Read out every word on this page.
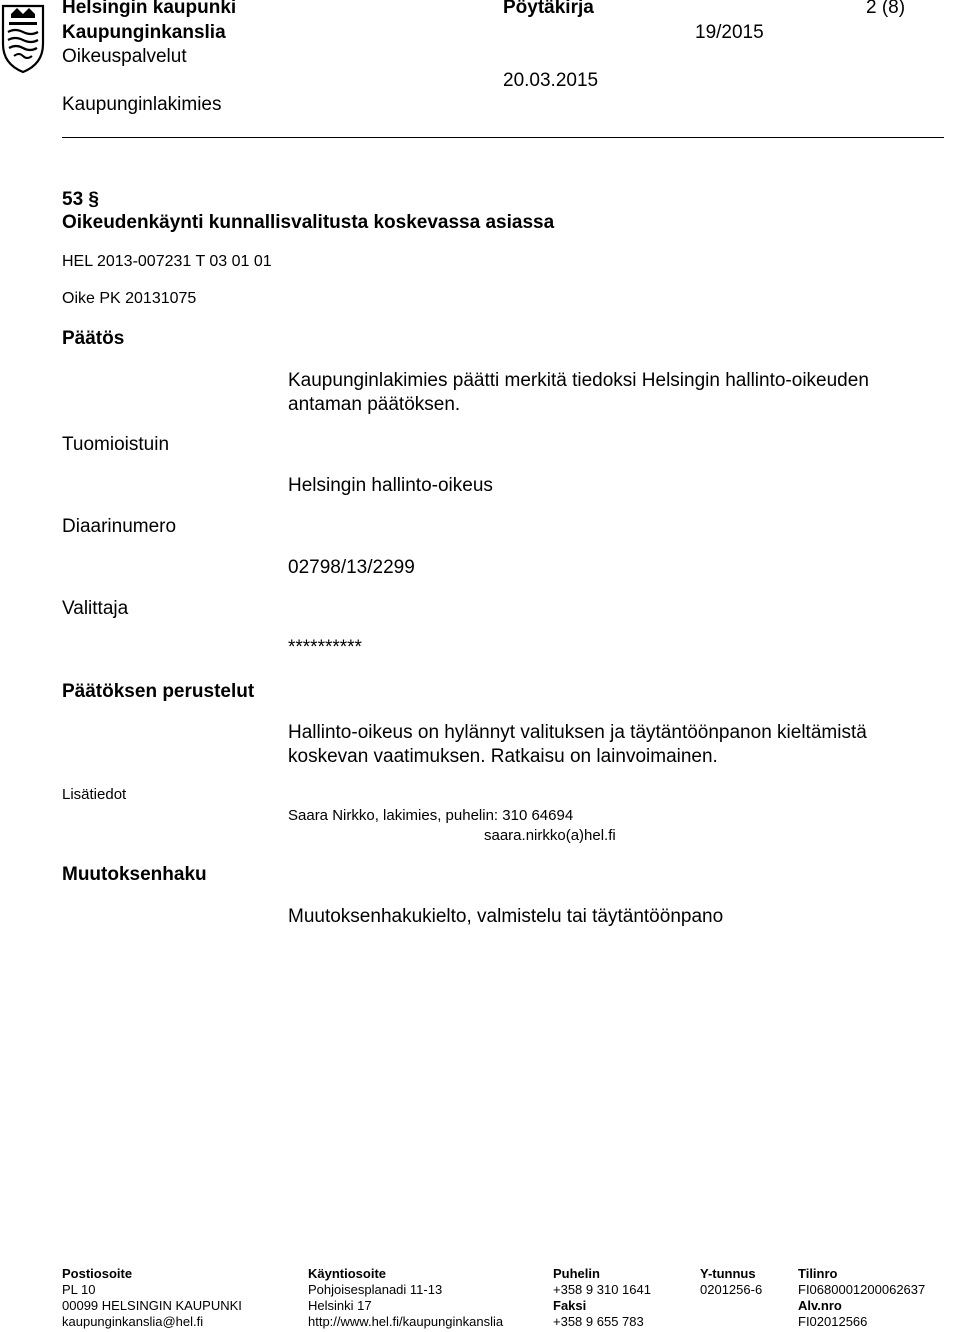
Helsingin kaupunki
Kaupunginkanslia
Oikeuspalvelut
Kaupunginlakimies
Pöytäkirja
19/2015
20.03.2015
2 (8)
53 §
Oikeudenkäynti kunnallisvalitusta koskevassa asiassa
HEL 2013-007231 T 03 01 01
Oike PK 20131075
Päätös
Tuomioistuin
Diaarinumero
Valittaja
Päätöksen perustelut
Lisätiedot
Muutoksenhaku
Kaupunginlakimies päätti merkitä tiedoksi Helsingin hallinto-oikeuden
antaman päätöksen.
Helsingin hallinto-oikeus
02798/13/2299
**********
Hallinto-oikeus on hylännyt valituksen ja täytäntöönpanon kieltämistä
koskevan vaatimuksen. Ratkaisu on lainvoimainen.
Saara Nirkko, lakimies, puhelin: 310 64694
saara.nirkko(a)hel.fi
Muutoksenhakukielto, valmistelu tai täytäntöönpano
Postiosoite
PL 10
00099 HELSINGIN KAUPUNKI
kaupunginkanslia@hel.fi
Käyntiosoite
Pohjoisesplanadi 11-13
Helsinki 17
http://www.hel.fi/kaupunginkanslia
Puhelin
+358 9 310 1641
Faksi
+358 9 655 783
Y-tunnus
0201256-6
Tilinro
FI0680001200062637
Alv.nro
FI02012566
